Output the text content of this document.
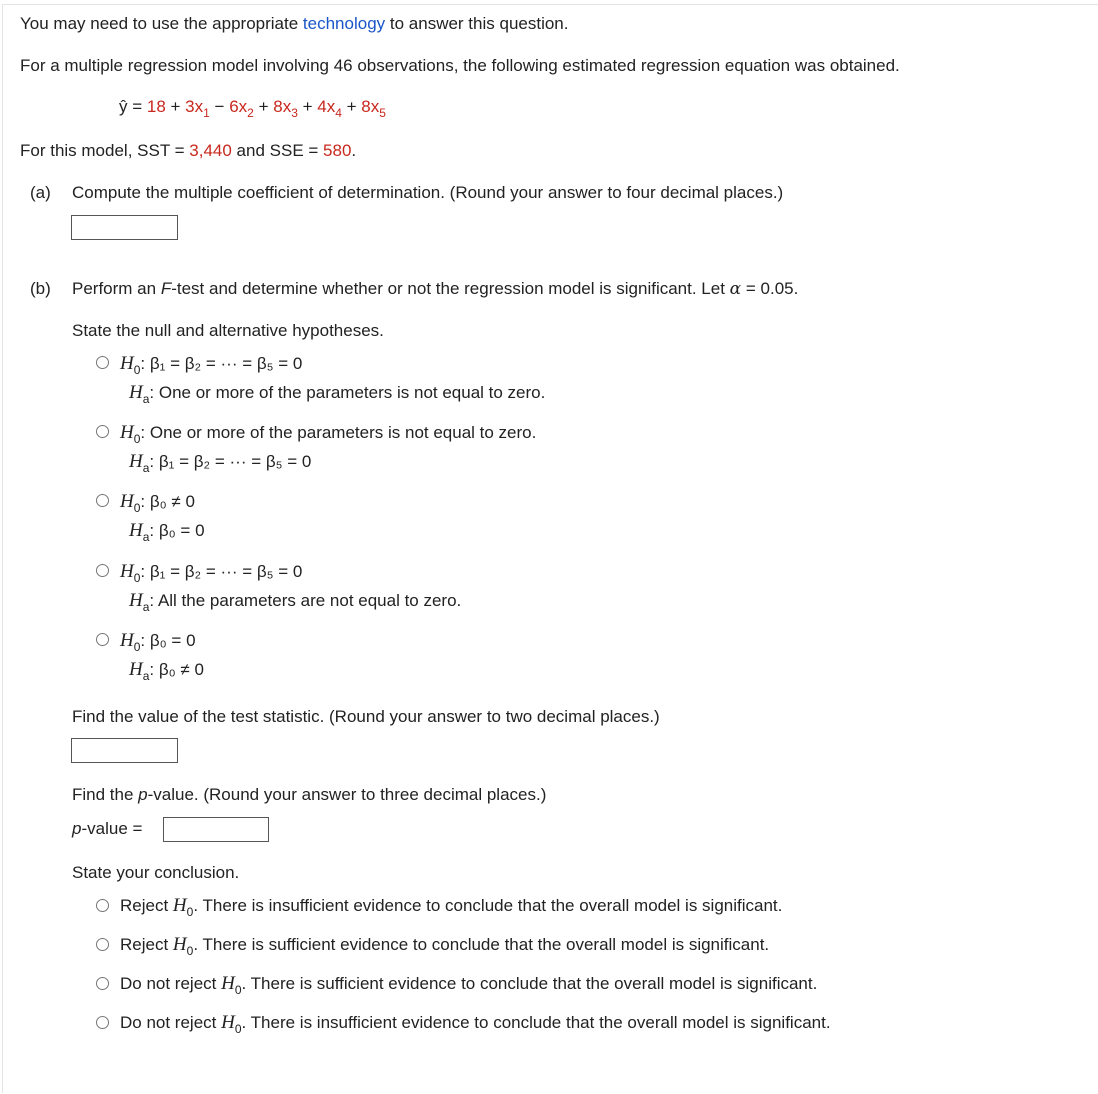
You may need to use the appropriate technology to answer this question.
For a multiple regression model involving 46 observations, the following estimated regression equation was obtained.
ŷ = $18 + 3x_1 - 6x_2 + 8x_3 + 4x_4 + 8x_5$
For this model, SST = 3,440 and SSE = 580.
(a) Compute the multiple coefficient of determination. (Round your answer to four decimal places.)
(b) Perform an F-test and determine whether or not the regression model is significant. Let α = 0.05.
State the null and alternative hypotheses.
$H_0$: β₁ = β₂ = ··· = β₅ = 0
$H_a$: One or more of the parameters is not equal to zero.
$H_0$: One or more of the parameters is not equal to zero.
$H_a$: β₁ = β₂ = ··· = β₅ = 0
$H_0$: β₀ ≠ 0
$H_a$: β₀ = 0
$H_0$: β₁ = β₂ = ··· = β₅ = 0
$H_a$: All the parameters are not equal to zero.
$H_0$: β₀ = 0
$H_a$: β₀ ≠ 0
Find the value of the test statistic. (Round your answer to two decimal places.)
Find the p-value. (Round your answer to three decimal places.)
p-value =
State your conclusion.
Reject $H_0$. There is insufficient evidence to conclude that the overall model is significant.
Reject $H_0$. There is sufficient evidence to conclude that the overall model is significant.
Do not reject $H_0$. There is sufficient evidence to conclude that the overall model is significant.
Do not reject $H_0$. There is insufficient evidence to conclude that the overall model is significant.
